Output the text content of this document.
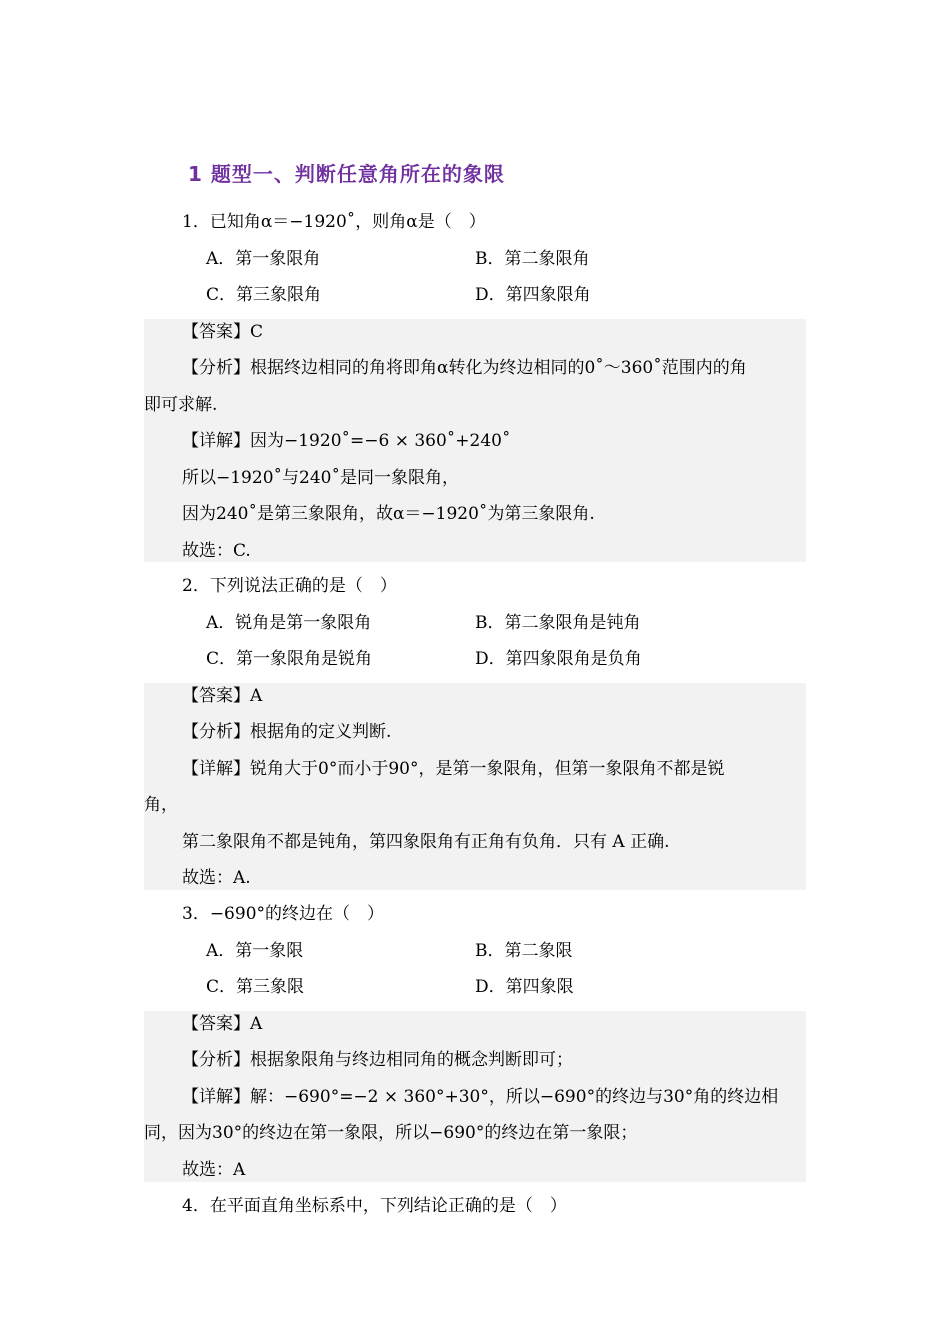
1 题型一、判断任意角所在的象限
1．已知角α＝−1920˚，则角α是（　）
A．第一象限角	B．第二象限角
C．第三象限角	D．第四象限角
【答案】C
【分析】根据终边相同的角将即角α转化为终边相同的0˚～360˚范围内的角
即可求解.
【详解】因为−1920˚=−6 × 360˚+240˚
所以−1920˚与240˚是同一象限角，
因为240˚是第三象限角，故α＝−1920˚为第三象限角.
故选：C.
2．下列说法正确的是（　）
A．锐角是第一象限角	B．第二象限角是钝角
C．第一象限角是锐角	D．第四象限角是负角
【答案】A
【分析】根据角的定义判断.
【详解】锐角大于0°而小于90°，是第一象限角，但第一象限角不都是锐
角，
第二象限角不都是钝角，第四象限角有正角有负角．只有 A 正确.
故选：A.
3．−690°的终边在（　）
A．第一象限	B．第二象限
C．第三象限	D．第四象限
【答案】A
【分析】根据象限角与终边相同角的概念判断即可；
【详解】解：−690°=−2 × 360°+30°，所以−690°的终边与30°角的终边相
同，因为30°的终边在第一象限，所以−690°的终边在第一象限；
故选：A
4．在平面直角坐标系中，下列结论正确的是（　）
